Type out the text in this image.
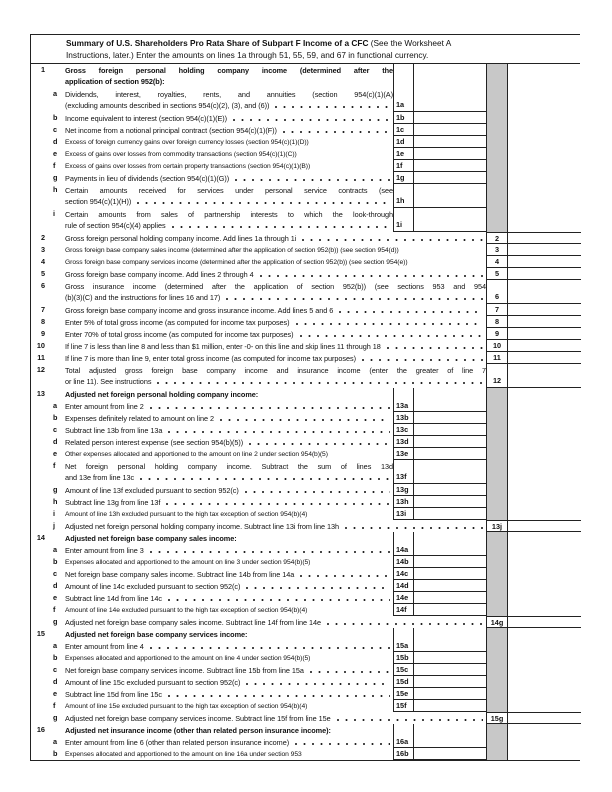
Summary of U.S. Shareholders Pro Rata Share of Subpart F Income of a CFC (See the Worksheet A
Instructions, later.) Enter the amounts on lines 1a through 51, 55, 59, and 67 in functional currency.
1	Gross foreign personal holding company income (determined after the
application of section 952(b):
a	Dividends, interest, royalties, rents, and annuities (section 954(c)(1)(A)
(excluding amounts described in sections 954(c)(2), (3), and (6))	1a
b	Income equivalent to interest (section 954(c)(1)(E))	1b
c	Net income from a notional principal contract (section 954(c)(1)(F))	1c
d	Excess of foreign currency gains over foreign currency losses (section 954(c)(1)(D))	1d
e	Excess of gains over losses from commodity transactions (section 954(c)(1)(C))	1e
f	Excess of gains over losses from certain property transactions (section 954(c)(1)(B))	1f
g	Payments in lieu of dividends (section 954(c)(1)(G))	1g
h	Certain amounts received for services under personal service contracts (see
section 954(c)(1)(H))	1h
i	Certain amounts from sales of partnership interests to which the look-through
rule of section 954(c)(4) applies	1i
2	Gross foreign personal holding company income. Add lines 1a through 1i	2
3	Gross foreign base company sales income (determined after the application of section 952(b)) (see section 954(d))	3
4	Gross foreign base company services income (determined after the application of section 952(b)) (see section 954(e))	4
5	Gross foreign base company income. Add lines 2 through 4	5
6	Gross insurance income (determined after the application of section 952(b)) (see sections 953 and 954
(b)(3)(C) and the instructions for lines 16 and 17)	6
7	Gross foreign base company income and gross insurance income. Add lines 5 and 6	7
8	Enter 5% of total gross income (as computed for income tax purposes)	8
9	Enter 70% of total gross income (as computed for income tax purposes)	9
10	If line 7 is less than line 8 and less than $1 million, enter -0- on this line and skip lines 11 through 18	10
11	If line 7 is more than line 9, enter total gross income (as computed for income tax purposes)	11
12	Total adjusted gross foreign base company income and insurance income (enter the greater of line 7
or line 11). See instructions	12
13	Adjusted net foreign personal holding company income:
a	Enter amount from line 2	13a
b	Expenses definitely related to amount on line 2	13b
c	Subtract line 13b from line 13a	13c
d	Related person interest expense (see section 954(b)(5))	13d
e	Other expenses allocated and apportioned to the amount on line 2 under section 954(b)(5)	13e
f	Net foreign personal holding company income. Subtract the sum of lines 13d
and 13e from line 13c	13f
g	Amount of line 13f excluded pursuant to section 952(c)	13g
h	Subtract line 13g from line 13f	13h
i	Amount of line 13h excluded pursuant to the high tax exception of section 954(b)(4)	13i
j	Adjusted net foreign personal holding company income. Subtract line 13i from line 13h	13j
14	Adjusted net foreign base company sales income:
a	Enter amount from line 3	14a
b	Expenses allocated and apportioned to the amount on line 3 under section 954(b)(5)	14b
c	Net foreign base company sales income. Subtract line 14b from line 14a	14c
d	Amount of line 14c excluded pursuant to section 952(c)	14d
e	Subtract line 14d from line 14c	14e
f	Amount of line 14e excluded pursuant to the high tax exception of section 954(b)(4)	14f
g	Adjusted net foreign base company sales income. Subtract line 14f from line 14e	14g
15	Adjusted net foreign base company services income:
a	Enter amount from line 4	15a
b	Expenses allocated and apportioned to the amount on line 4 under section 954(b)(5)	15b
c	Net foreign base company services income. Subtract line 15b from line 15a	15c
d	Amount of line 15c excluded pursuant to section 952(c)	15d
e	Subtract line 15d from line 15c	15e
f	Amount of line 15e excluded pursuant to the high tax exception of section 954(b)(4)	15f
g	Adjusted net foreign base company services income. Subtract line 15f from line 15e	15g
16	Adjusted net insurance income (other than related person insurance income):
a	Enter amount from line 6 (other than related person insurance income)	16a
b	Expenses allocated and apportioned to the amount on line 16a under section 953	16b
